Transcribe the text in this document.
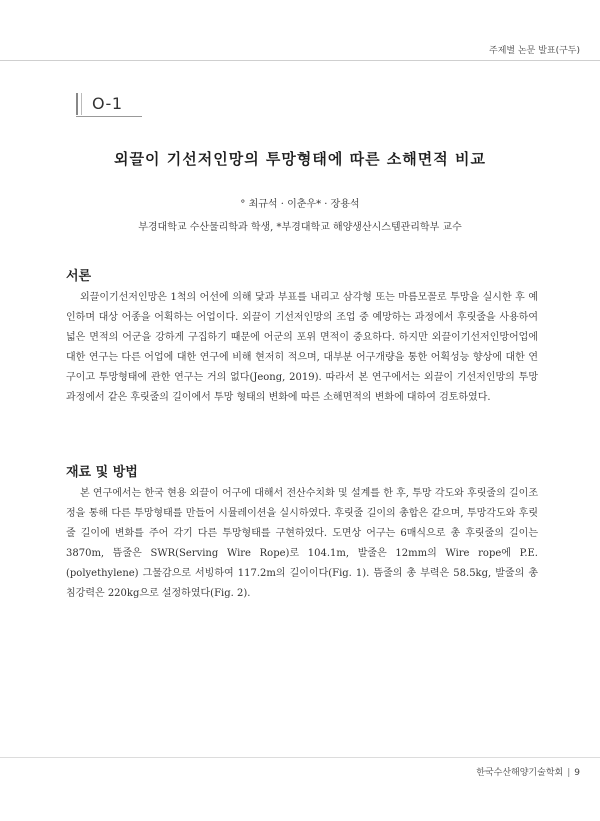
주제별 논문 발표(구두)
O-1
외끌이 기선저인망의 투망형태에 따른 소해면적 비교
° 최규석 · 이춘우* · 장용석
부경대학교 수산물리학과 학생, *부경대학교 해양생산시스템관리학부 교수
서론
외끌이기선저인망은 1척의 어선에 의해 닻과 부표를 내리고 삼각형 또는 마름모꼴로 투망을 실시한 후 예인하며 대상 어종을 어획하는 어업이다. 외끌이 기선저인망의 조업 중 예망하는 과정에서 후릿줄을 사용하여 넓은 면적의 어군을 강하게 구집하기 때문에 어군의 포위 면적이 중요하다. 하지만 외끌이기선저인망어업에 대한 연구는 다른 어업에 대한 연구에 비해 현저히 적으며, 대부분 어구개량을 통한 어획성능 향상에 대한 연구이고 투망형태에 관한 연구는 거의 없다(Jeong, 2019). 따라서 본 연구에서는 외끌이 기선저인망의 투망 과정에서 같은 후릿줄의 길이에서 투망 형태의 변화에 따른 소해면적의 변화에 대하여 검토하였다.
재료 및 방법
본 연구에서는 한국 현용 외끌이 어구에 대해서 전산수치화 및 설계를 한 후, 투망 각도와 후릿줄의 길이조정을 통해 다른 투망형태를 만들어 시뮬레이션을 실시하였다. 후릿줄 길이의 총합은 같으며, 투망각도와 후릿줄 길이에 변화를 주어 각기 다른 투망형태를 구현하였다. 도면상 어구는 6매식으로 총 후릿줄의 길이는 3870m, 뜸줄은 SWR(Serving Wire Rope)로 104.1m, 발줄은 12mm의 Wire rope에 P.E.(polyethylene) 그물감으로 서빙하여 117.2m의 길이이다(Fig. 1). 뜸줄의 총 부력은 58.5kg, 발줄의 총 침강력은 220kg으로 설정하였다(Fig. 2).
한국수산해양기술학회 | 9
